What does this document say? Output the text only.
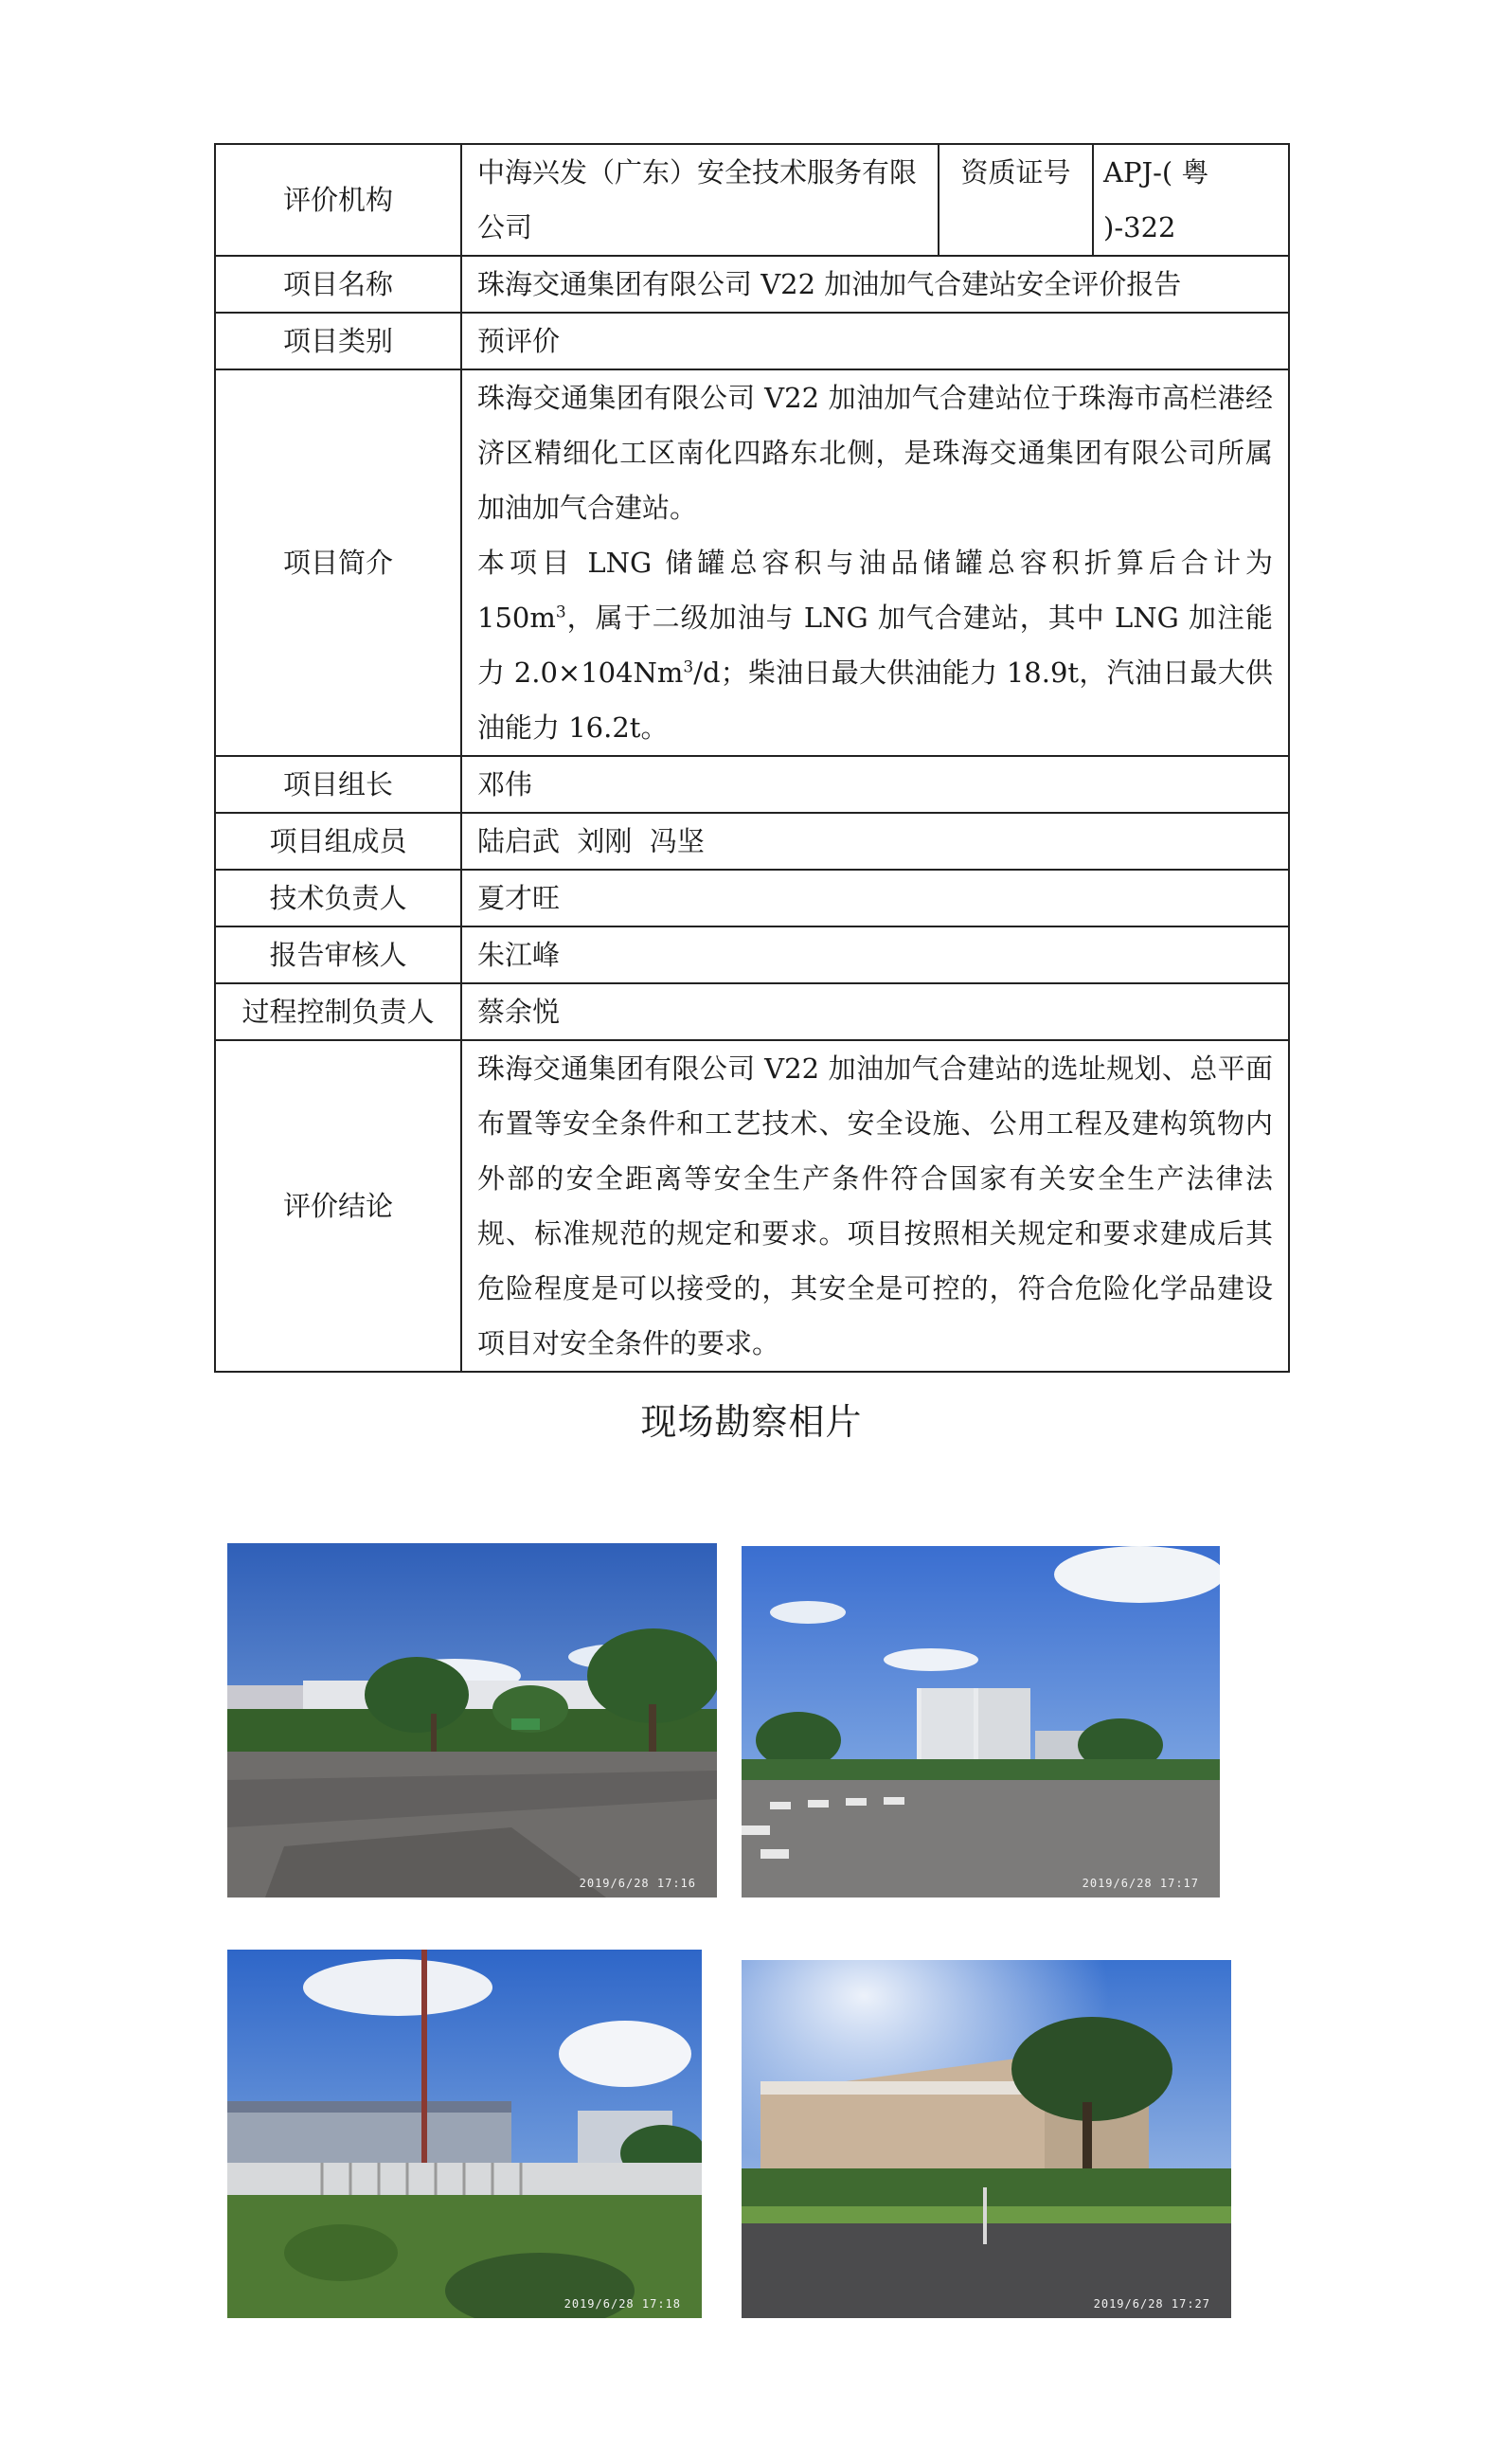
评价机构	中海兴发（广东）安全技术服务有限公司	资质证号	APJ-( 粤 )-322
项目名称	珠海交通集团有限公司 V22 加油加气合建站安全评价报告		
项目类别	预评价		
项目简介	珠海交通集团有限公司 V22 加油加气合建站位于珠海市高栏港经济区精细化工区南化四路东北侧，是珠海交通集团有限公司所属加油加气合建站。
本项目 LNG 储罐总容积与油品储罐总容积折算后合计为 $150m^3$，属于二级加油与 LNG 加气合建站，其中 LNG 加注能力 $2.0\times 104Nm^3/d$；柴油日最大供油能力 18.9t，汽油日最大供油能力 16.2t。		

项目组长	邓伟		
项目组成员	陆启武  刘刚  冯坚		
技术负责人	夏才旺		
报告审核人	朱江峰		
过程控制负责人	蔡余悦		
评价结论	珠海交通集团有限公司 V22 加油加气合建站的选址规划、总平面布置等安全条件和工艺技术、安全设施、公用工程及建构筑物内外部的安全距离等安全生产条件符合国家有关安全生产法律法规、标准规范的规定和要求。项目按照相关规定和要求建成后其危险程度是可以接受的，其安全是可控的，符合危险化学品建设项目对安全条件的要求。		
现场勘察相片
2019/6/28 17:16	2019/6/28 17:17
2019/6/28 17:18	2019/6/28 17:27
